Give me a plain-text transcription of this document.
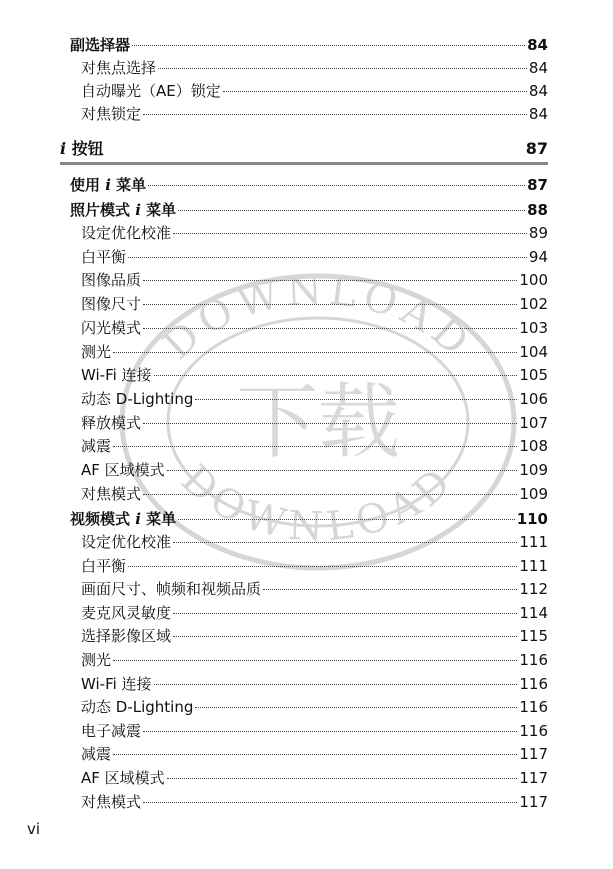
DOWNLOAD
DOWNLOAD
下载
副选择器	84
对焦点选择	84
自动曝光（AE）锁定	84
对焦锁定	84
i 按钮	87
使用 i 菜单	87
照片模式 i 菜单	88
设定优化校准	89
白平衡	94
图像品质	100
图像尺寸	102
闪光模式	103
测光	104
Wi-Fi 连接	105
动态 D-Lighting	106
释放模式	107
减震	108
AF 区域模式	109
对焦模式	109
视频模式 i 菜单	110
设定优化校准	111
白平衡	111
画面尺寸、帧频和视频品质	112
麦克风灵敏度	114
选择影像区域	115
测光	116
Wi-Fi 连接	116
动态 D-Lighting	116
电子减震	116
减震	117
AF 区域模式	117
对焦模式	117
vi
